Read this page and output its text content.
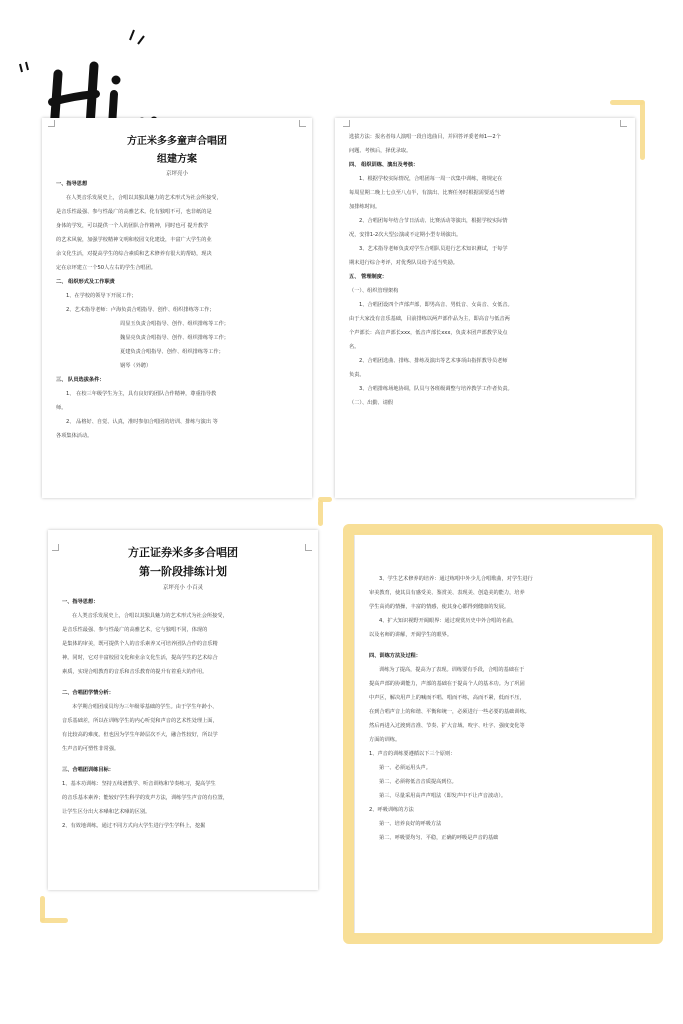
方正米多多童声合唱团
组建方案
京坪亮小
一、指导思想
在人类音乐发展史上，合唱以其独具魅力的艺术形式为社会所接受，
是音乐性最强、参与性最广的高雅艺术。化有独唱不可，也非纸的是
身体的学发，可以提供一个人的团队合作精神，同时也可 提升教学
的艺术风貌，加强学校精神文明和校园文化建设，丰富广大学生的业
余文化生活，对提高学生的综合素质和艺术修养有很大的帮助，现决
定在京坪建立一个50人左右的学生合唱团。
二、 组织形式及工作职责
1、在学校的领导下开展工作；
2、艺术指导老师：卢海负责合唱指导、创作、组织排练等工作；
周显玉负责合唱指导、创作、组织排练等工作；
魏显亮负责合唱指导、创作、组织排练等工作；
夏建负责合唱指导、创作、组织排练等工作；
钢琴（外聘）
三、 队员选拔条件：
1、 在校三年级学生为主，具有良好的团队合作精神，尊重指导教
师。
2、 品格好、自觉、认真，准时参加合唱团的培训、排练与演出 等
各项集体活动。
选拔方法：报名者每人演唱一段自选曲目，并回答评委老师1—2个
问题、考核后，择优录取。
四、 组织训练、演出及考核：
1、根据学校实际情况，合唱团每一周一次集中训练，将规定在
每周星期二晚上七点至八点半，有演出、比赛任务时根据需要适当增
加排练时间。
2、合唱团每年结合节日活动、比赛活动等演出，根据学校实际情
况，安排1-2次大型公演或不定期小型专场演出。
3、艺术指导老师负责对学生合唱队员进行艺术知识测试，于每学
期末进行综合考评，对优秀队员给予适当奖励。
五、 管理制度：
（一）、组织管理架构
1、合唱团设四个声部声部，即男高音、男低音、女高音、女低音。
由于大家没有音乐基础，目前排练以两声部作品为主，即高音与低音两
个声部长：高音声部长xxx，低音声部长xxx，负责本团声部教学及点
名。
2、合唱团选曲、排练、排练及演出等艺术事项由指挥教导员老师
负责。
3、合唱排练场地协调，队员与各班级调整与培养教学工作者负责。
（二）、出勤、请假
方正证券米多多合唱团
第一阶段排练计划
京坪亮小 小百灵
一、指导思想：
在人类音乐发展史上，合唱以其独具魅力的艺术形式为社会所接受，
是音乐性最强、参与性最广的高雅艺术，它与独唱不同，体现的
是集体的审美，既可提供个人的音乐素养又可培养团队合作的音乐精
神。同时，它对丰富校园文化和业余文化生活，提高学生的艺术综合
素质，实现合唱教育的音乐和音乐教育的提升有着重大的作用。
二、合唱团学情分析：
本学期合唱团成员均为三年级零基础的学生。由于学生年龄小、
音乐基础差，所以在训练学生的内心听觉和声音的艺术性处理上面，
有比较高的难度。但也因为学生年龄层次不大，融合性较好，所以学
生声音的可塑性非常强。
三、合唱团训练目标：
1、基本功训练：坚持五线谱教学、听音训练和节奏练习，提高学生
的音乐基本素养；能较好学生科学的发声方法，训练学生声音的有位置，
让学生区分出大本嗓和艺术嗓的区别。
2、有效地训练。通过不同方式向大学生进行学生学科上，挖掘
3、学生艺术修养的培养：通过练唱中外少儿合唱歌曲，对学生进行
审美教育，使其具有感受美、鉴赏美、表现美、创造美的能力，培养
学生高尚的情操，丰富的情感，使其身心都得到健康的发展。
4、扩大知识视野开阔眼界：通过观赏历史中外合唱的名曲，
以及名师的讲解，开阔学生的眼界。
四、训练方法及过程：
训练为了提高，提高为了表现。训练要有手段，合唱的基础在于
提高声部的协调能力，声部的基础在于提高个人的基本功。为了巩固
中声区，解决用声上的喊而不唱、唱而不练，高而不紧，低而不压，
在到合唱声音上的和谐、平衡和统一，必须进行一些必要的基础训练。
然后再进入过渡到音准、节奏、扩大音域、咬字、吐字、强度变化等
方面的训练。
1、声音的训练要遵循以下三个原则：
第一、必须运用头声。
第二、必须将低音音质提高到位。
第三、尽量采用高声声唱法（即发声中不让声音波动）。
2、呼吸训练的方法
第一、培养良好的呼吸方法
第二、呼吸要均匀、平稳，正确的呼吸是声音的基础
